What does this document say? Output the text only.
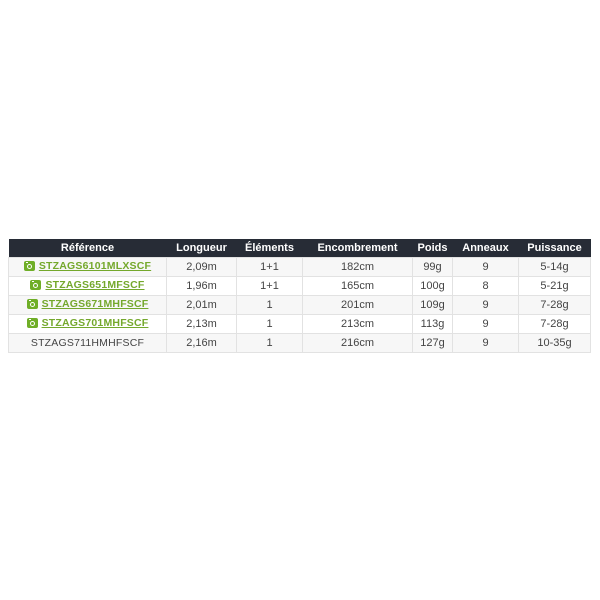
Référence	Longueur	Éléments	Encombrement	Poids	Anneaux	Puissance

STZAGS6101MLXSCF	2,09m	1+1	182cm	99g	9	5-14g

STZAGS651MFSCF	1,96m	1+1	165cm	100g	8	5-21g

STZAGS671MHFSCF	2,01m	1	201cm	109g	9	7-28g

STZAGS701MHFSCF	2,13m	1	213cm	113g	9	7-28g

STZAGS711HMHFSCF	2,16m	1	216cm	127g	9	10-35g
